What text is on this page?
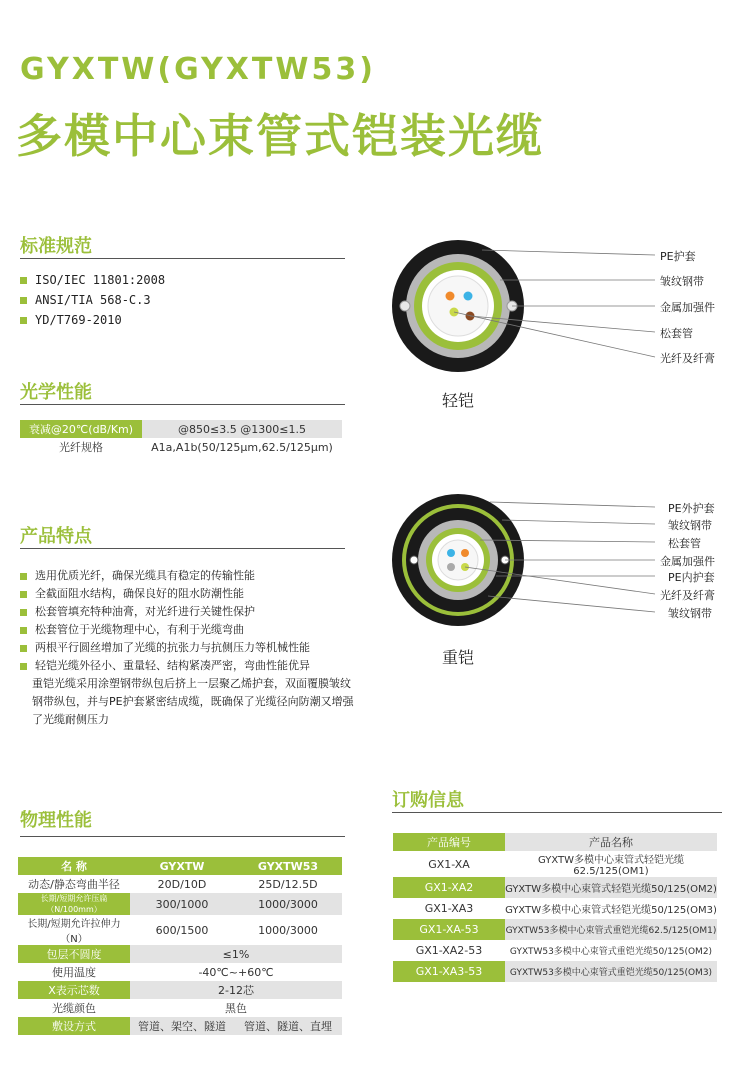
GYXTW(GYXTW53)
多模中心束管式铠装光缆
标准规范
ISO/IEC 11801:2008
ANSI/TIA 568-C.3
YD/T769-2010
光学性能
衰减@20℃(dB/Km)	@850≤3.5 @1300≤1.5
光纤规格	A1a,A1b(50/125μm,62.5/125μm)
产品特点
选用优质光纤，确保光缆具有稳定的传输性能
全截面阻水结构，确保良好的阻水防潮性能
松套管填充特种油膏，对光纤进行关键性保护
松套管位于光缆物理中心，有利于光缆弯曲
两根平行圆丝增加了光缆的抗张力与抗侧压力等机械性能
轻铠光缆外径小、重量轻、结构紧凑严密，弯曲性能优异
重铠光缆采用涂塑钢带纵包后挤上一层聚乙烯护套，双面覆膜皱纹
钢带纵包，并与PE护套紧密结成缆，既确保了光缆径向防潮又增强
了光缆耐侧压力
PE护套
皱纹钢带
金属加强件
松套管
光纤及纤膏
轻铠
PE外护套
皱纹钢带
松套管
金属加强件
PE内护套
光纤及纤膏
皱纹钢带
重铠
物理性能
名 称	GYXTW	GYXTW53
动态/静态弯曲半径	20D/10D	25D/12.5D
长期/短期允许压扁（N/100mm）	300/1000	1000/3000
长期/短期允许拉伸力（N）	600/1500	1000/3000
包层不圆度	≤1%	
使用温度	-40℃~+60℃	
X表示芯数	2-12芯	
光缆颜色	黑色	
敷设方式	管道、架空、隧道	管道、隧道、直埋
订购信息
产品编号	产品名称
GX1-XA	GYXTW多模中心束管式轻铠光缆62.5/125(OM1)
GX1-XA2	GYXTW多模中心束管式轻铠光缆50/125(OM2)
GX1-XA3	GYXTW多模中心束管式轻铠光缆50/125(OM3)
GX1-XA-53	GYXTW53多模中心束管式重铠光缆62.5/125(OM1)
GX1-XA2-53	GYXTW53多模中心束管式重铠光缆50/125(OM2)
GX1-XA3-53	GYXTW53多模中心束管式重铠光缆50/125(OM3)
